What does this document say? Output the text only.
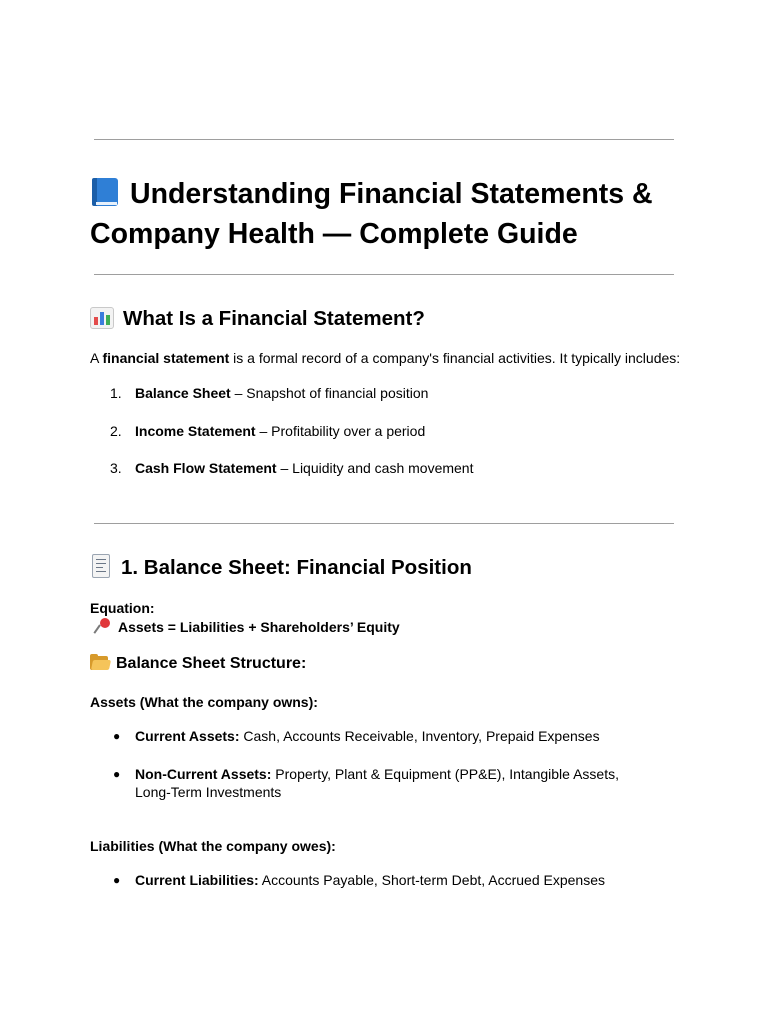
Understanding Financial Statements &
Company Health — Complete Guide
What Is a Financial Statement?
A financial statement is a formal record of a company's financial activities. It typically includes:
1. Balance Sheet – Snapshot of financial position
2. Income Statement – Profitability over a period
3. Cash Flow Statement – Liquidity and cash movement
1. Balance Sheet: Financial Position
Equation:
Assets = Liabilities + Shareholders’ Equity
Balance Sheet Structure:
Assets (What the company owns):
● Current Assets: Cash, Accounts Receivable, Inventory, Prepaid Expenses
● Non-Current Assets: Property, Plant & Equipment (PP&E), Intangible Assets,
Long-Term Investments
Liabilities (What the company owes):
● Current Liabilities: Accounts Payable, Short-term Debt, Accrued Expenses
